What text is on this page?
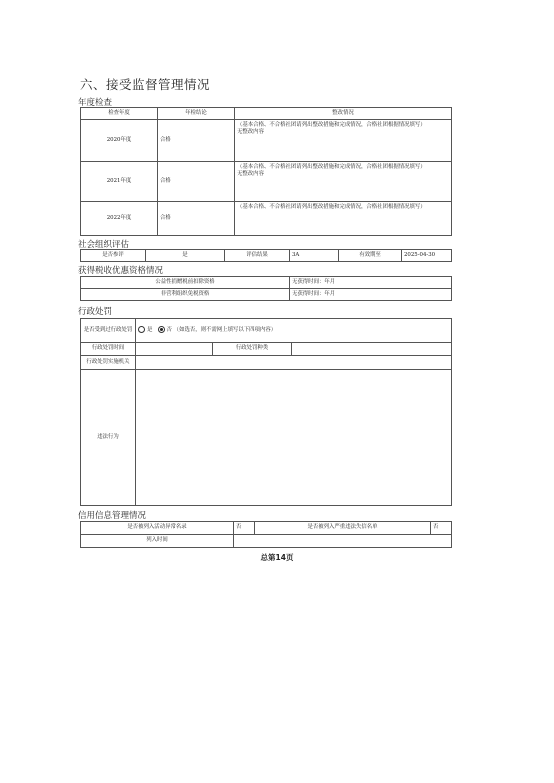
六、接受监督管理情况
年度检查
检查年度	年检结论	整改情况
2020年度	合格	（基本合格、不合格社团请列出整改措施和完成情况，合格社团根据情况填写）
无整改内容

2021年度	合格	（基本合格、不合格社团请列出整改措施和完成情况，合格社团根据情况填写）
无整改内容

2022年度	合格	（基本合格、不合格社团请列出整改措施和完成情况，合格社团根据情况填写）
社会组织评估
是否参评	是	评估结果	3A	有效期至	2025-04-30
获得税收优惠资格情况
公益性捐赠税前扣除资格	无获得时间：年月
非营利组织免税资格	无获得时间：年月
行政处罚
是否受到过行政处罚	是 否 （如选否，则不需网上填写以下四项内容）		
行政处罚时间		行政处罚种类	
行政处罚实施机关			
违法行为			
信用信息管理情况
是否被列入活动异常名录	否	是否被列入严重违法失信名单	否
列入时间			
总第14页
